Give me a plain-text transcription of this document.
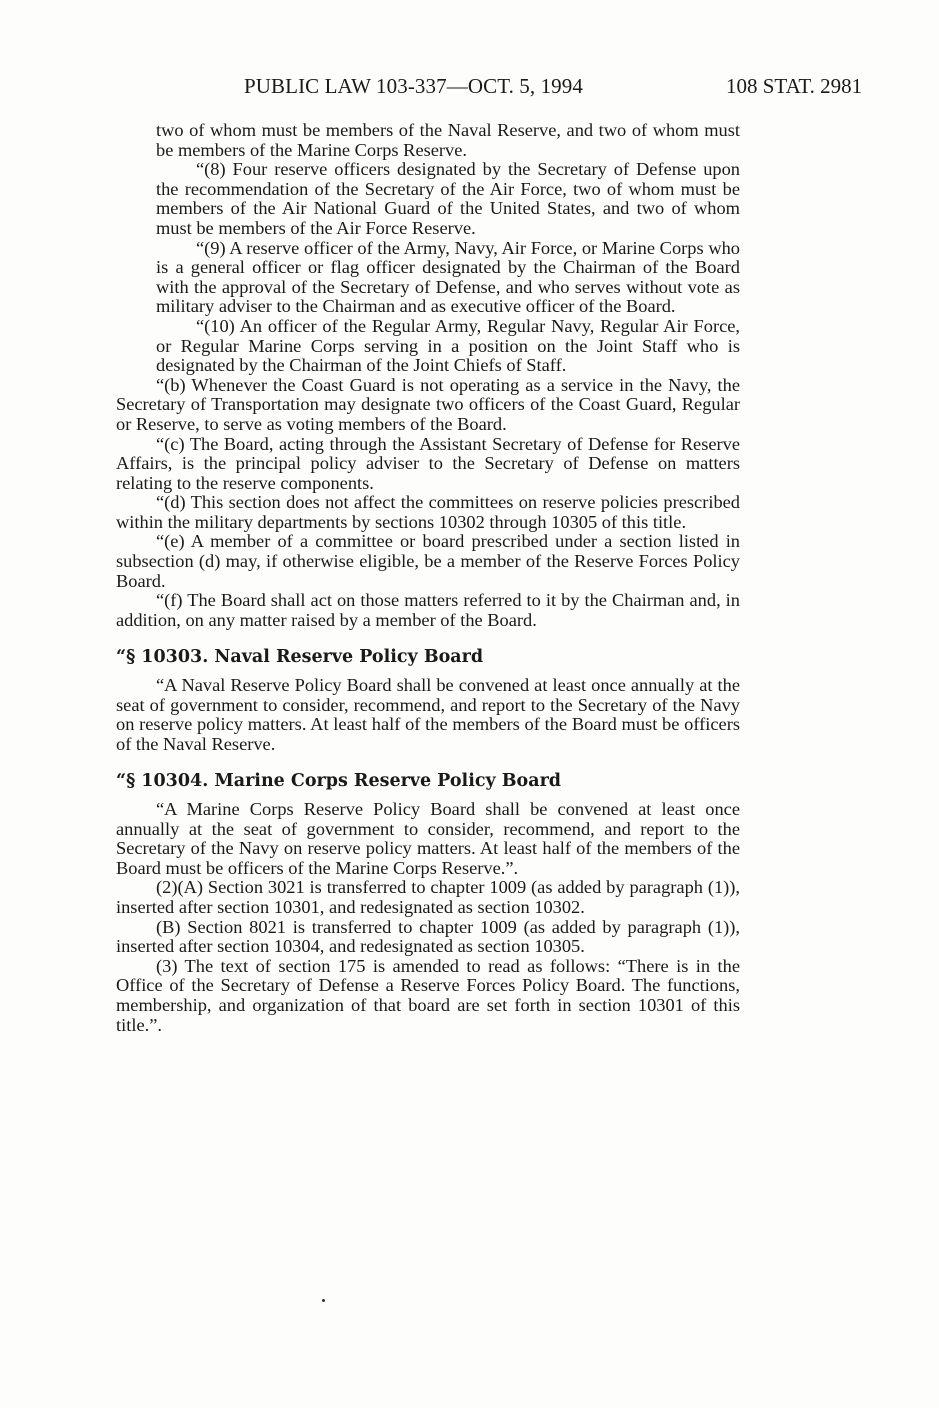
PUBLIC LAW 103-337—OCT. 5, 1994	108 STAT. 2981

two of whom must be members of the Naval Reserve, and two of whom must be members of the Marine Corps Reserve.

“(8) Four reserve officers designated by the Secretary of Defense upon the recommendation of the Secretary of the Air Force, two of whom must be members of the Air National Guard of the United States, and two of whom must be members of the Air Force Reserve.

“(9) A reserve officer of the Army, Navy, Air Force, or Marine Corps who is a general officer or flag officer designated by the Chairman of the Board with the approval of the Secretary of Defense, and who serves without vote as military adviser to the Chairman and as executive officer of the Board.

“(10) An officer of the Regular Army, Regular Navy, Regular Air Force, or Regular Marine Corps serving in a position on the Joint Staff who is designated by the Chairman of the Joint Chiefs of Staff.

“(b) Whenever the Coast Guard is not operating as a service in the Navy, the Secretary of Transportation may designate two officers of the Coast Guard, Regular or Reserve, to serve as voting members of the Board.

“(c) The Board, acting through the Assistant Secretary of Defense for Reserve Affairs, is the principal policy adviser to the Secretary of Defense on matters relating to the reserve components.

“(d) This section does not affect the committees on reserve policies prescribed within the military departments by sections 10302 through 10305 of this title.

“(e) A member of a committee or board prescribed under a section listed in subsection (d) may, if otherwise eligible, be a member of the Reserve Forces Policy Board.

“(f) The Board shall act on those matters referred to it by the Chairman and, in addition, on any matter raised by a member of the Board.

“§ 10303. Naval Reserve Policy Board

“A Naval Reserve Policy Board shall be convened at least once annually at the seat of government to consider, recommend, and report to the Secretary of the Navy on reserve policy matters. At least half of the members of the Board must be officers of the Naval Reserve.

“§ 10304. Marine Corps Reserve Policy Board

“A Marine Corps Reserve Policy Board shall be convened at least once annually at the seat of government to consider, recommend, and report to the Secretary of the Navy on reserve policy matters. At least half of the members of the Board must be officers of the Marine Corps Reserve.”.

(2)(A) Section 3021 is transferred to chapter 1009 (as added by paragraph (1)), inserted after section 10301, and redesignated as section 10302.

(B) Section 8021 is transferred to chapter 1009 (as added by paragraph (1)), inserted after section 10304, and redesignated as section 10305.

(3) The text of section 175 is amended to read as follows: “There is in the Office of the Secretary of Defense a Reserve Forces Policy Board. The functions, membership, and organization of that board are set forth in section 10301 of this title.”.
